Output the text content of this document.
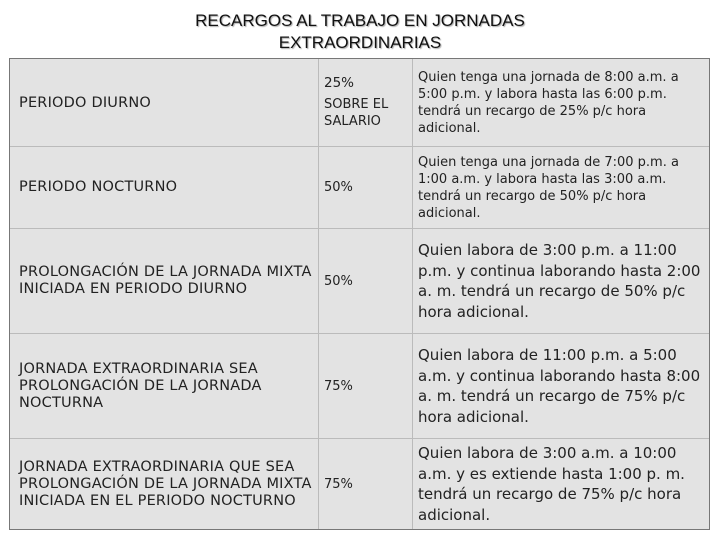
RECARGOS AL TRABAJO EN JORNADAS
EXTRAORDINARIAS
PERIODO DIURNO
25%
SOBRE EL SALARIO
Quien tenga una jornada de 8:00 a.m. a 5:00 p.m. y labora hasta las 6:00 p.m. tendrá un recargo de 25% p/c hora adicional.
PERIODO NOCTURNO	50%
Quien tenga una jornada de 7:00 p.m. a 1:00 a.m. y labora hasta las 3:00 a.m. tendrá un recargo de 50% p/c hora adicional.
PROLONGACIÓN DE LA JORNADA MIXTA INICIADA EN PERIODO DIURNO	50%
Quien labora de 3:00 p.m. a 11:00 p.m. y continua laborando hasta 2:00 a. m. tendrá un recargo de 50% p/c hora adicional.
JORNADA EXTRAORDINARIA SEA PROLONGACIÓN DE LA JORNADA NOCTURNA
75%
Quien labora de 11:00 p.m. a 5:00 a.m. y continua laborando hasta 8:00 a. m. tendrá un recargo de 75% p/c hora adicional.
JORNADA EXTRAORDINARIA QUE SEA PROLONGACIÓN DE LA JORNADA MIXTA INICIADA EN EL PERIODO NOCTURNO
75%
Quien labora de 3:00 a.m. a 10:00 a.m. y es extiende hasta 1:00 p. m. tendrá un recargo de 75% p/c hora adicional.
